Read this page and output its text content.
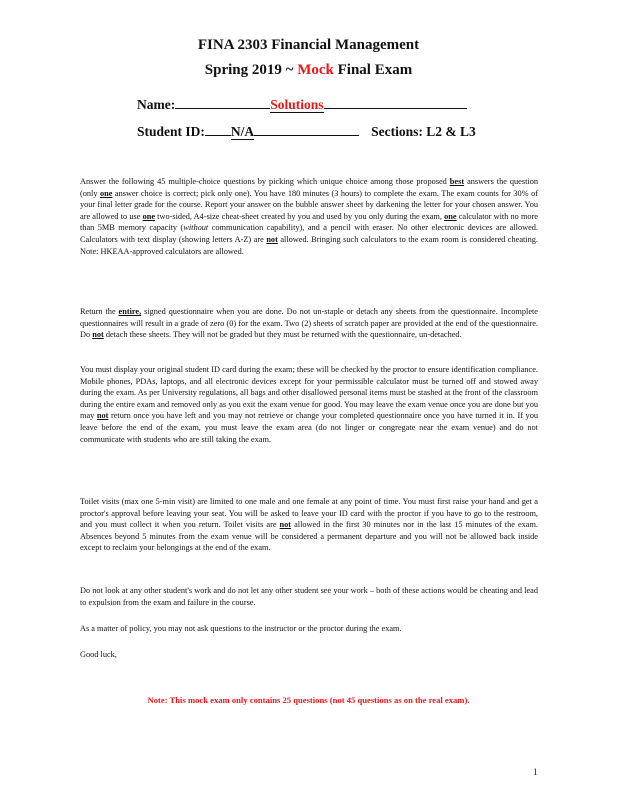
FINA 2303 Financial Management
Spring 2019 ~ Mock Final Exam
Name:	Solutions
Student ID: N/A	Sections: L2 & L3
Answer the following 45 multiple-choice questions by picking which unique choice among those proposed best answers the question (only one answer choice is correct; pick only one). You have 180 minutes (3 hours) to complete the exam. The exam counts for 30% of your final letter grade for the course. Report your answer on the bubble answer sheet by darkening the letter for your chosen answer. You are allowed to use one two-sided, A4-size cheat-sheet created by you and used by you only during the exam, one calculator with no more than 5MB memory capacity (without communication capability), and a pencil with eraser. No other electronic devices are allowed. Calculators with text display (showing letters A-Z) are not allowed. Bringing such calculators to the exam room is considered cheating. Note: HKEAA-approved calculators are allowed.
Return the entire, signed questionnaire when you are done. Do not un-staple or detach any sheets from the questionnaire. Incomplete questionnaires will result in a grade of zero (0) for the exam. Two (2) sheets of scratch paper are provided at the end of the questionnaire. Do not detach these sheets. They will not be graded but they must be returned with the questionnaire, un-detached.
You must display your original student ID card during the exam; these will be checked by the proctor to ensure identification compliance. Mobile phones, PDAs, laptops, and all electronic devices except for your permissible calculator must be turned off and stowed away during the exam. As per University regulations, all bags and other disallowed personal items must be stashed at the front of the classroom during the entire exam and removed only as you exit the exam venue for good. You may leave the exam venue once you are done but you may not return once you have left and you may not retrieve or change your completed questionnaire once you have turned it in. If you leave before the end of the exam, you must leave the exam area (do not linger or congregate near the exam venue) and do not communicate with students who are still taking the exam.
Toilet visits (max one 5-min visit) are limited to one male and one female at any point of time. You must first raise your hand and get a proctor's approval before leaving your seat. You will be asked to leave your ID card with the proctor if you have to go to the restroom, and you must collect it when you return. Toilet visits are not allowed in the first 30 minutes nor in the last 15 minutes of the exam. Absences beyond 5 minutes from the exam venue will be considered a permanent departure and you will not be allowed back inside except to reclaim your belongings at the end of the exam.
Do not look at any other student's work and do not let any other student see your work – both of these actions would be cheating and lead to expulsion from the exam and failure in the course.
As a matter of policy, you may not ask questions to the instructor or the proctor during the exam.
Good luck,
Note: This mock exam only contains 25 questions (not 45 questions as on the real exam).
1
